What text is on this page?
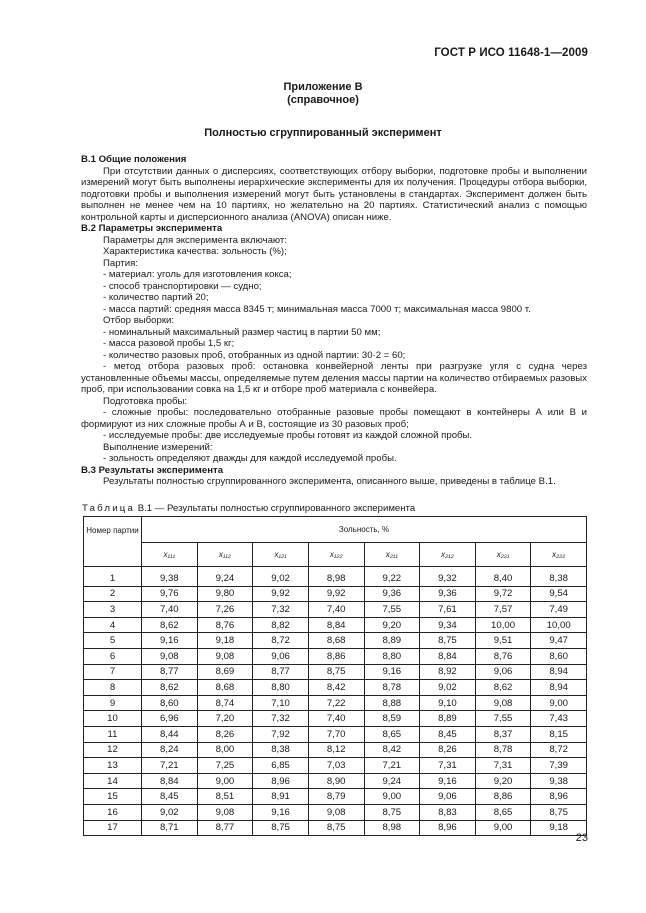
ГОСТ Р ИСО 11648-1—2009
Приложение В
(справочное)
Полностью сгруппированный эксперимент

В.1 Общие положения

При отсутствии данных о дисперсиях, соответствующих отбору выборки, подготовке пробы и выполнении измерений могут быть выполнены иерархические эксперименты для их получения. Процедуры отбора выборки, подготовки пробы и выполнения измерений могут быть установлены в стандартах. Эксперимент должен быть выполнен не менее чем на 10 партиях, но желательно на 20 партиях. Статистический анализ с помощью контрольной карты и дисперсионного анализа (ANOVA) описан ниже.

В.2 Параметры эксперимента

Параметры для эксперимента включают:

Характеристика качества: зольность (%);

Партия:

- материал: уголь для изготовления кокса;

- способ транспортировки — судно;

- количество партий 20;

- масса партий: средняя масса 8345 т; минимальная масса 7000 т; максимальная масса 9800 т.

Отбор выборки:

- номинальный максимальный размер частиц в партии 50 мм;

- масса разовой пробы 1,5 кг;

- количество разовых проб, отобранных из одной партии: 30·2 = 60;

- метод отбора разовых проб: остановка конвейерной ленты при разгрузке угля с судна через установленные объемы массы, определяемые путем деления массы партии на количество отбираемых разовых проб, при использовании совка на 1,5 кг и отборе проб материала с конвейера.

Подготовка пробы:

- сложные пробы: последовательно отобранные разовые пробы помещают в контейнеры А или В и формируют из них сложные пробы А и В, состоящие из 30 разовых проб;

- исследуемые пробы: две исследуемые пробы готовят из каждой сложной пробы.

Выполнение измерений:

- зольность определяют дважды для каждой исследуемой пробы.

В.3 Результаты эксперимента

Результаты полностью сгруппированного эксперимента, описанного выше, приведены в таблице В.1.

Таблица В.1 — Результаты полностью сгруппированного эксперимента
Номер партии	Зольность, %							
	x₁₁₁	x₁₁₂	x₁₂₁	x₁₂₂	x₂₁₁	x₂₁₂	x₂₂₁	x₂₂₂
1	9,38	9,24	9,02	8,98	9,22	9,32	8,40	8,38
2	9,76	9,80	9,92	9,92	9,36	9,36	9,72	9,54
3	7,40	7,26	7,32	7,40	7,55	7,61	7,57	7,49
4	8,62	8,76	8,82	8,84	9,20	9,34	10,00	10,00
5	9,16	9,18	8,72	8,68	8,89	8,75	9,51	9,47
6	9,08	9,08	9,06	8,86	8,80	8,84	8,76	8,60
7	8,77	8,69	8,77	8,75	9,16	8,92	9,06	8,94
8	8,62	8,68	8,80	8,42	8,78	9,02	8,62	8,94
9	8,60	8,74	7,10	7,22	8,88	9,10	9,08	9,00
10	6,96	7,20	7,32	7,40	8,59	8,89	7,55	7,43
11	8,44	8,26	7,92	7,70	8,65	8,45	8,37	8,15
12	8,24	8,00	8,38	8,12	8,42	8,26	8,78	8,72
13	7,21	7,25	6,85	7,03	7,21	7,31	7,31	7,39
14	8,84	9,00	8,96	8,90	9,24	9,16	9,20	9,38
15	8,45	8,51	8,91	8,79	9,00	9,06	8,86	8,96
16	9,02	9,08	9,16	9,08	8,75	8,83	8,65	8,75
17	8,71	8,77	8,75	8,75	8,98	8,96	9,00	9,18
23
